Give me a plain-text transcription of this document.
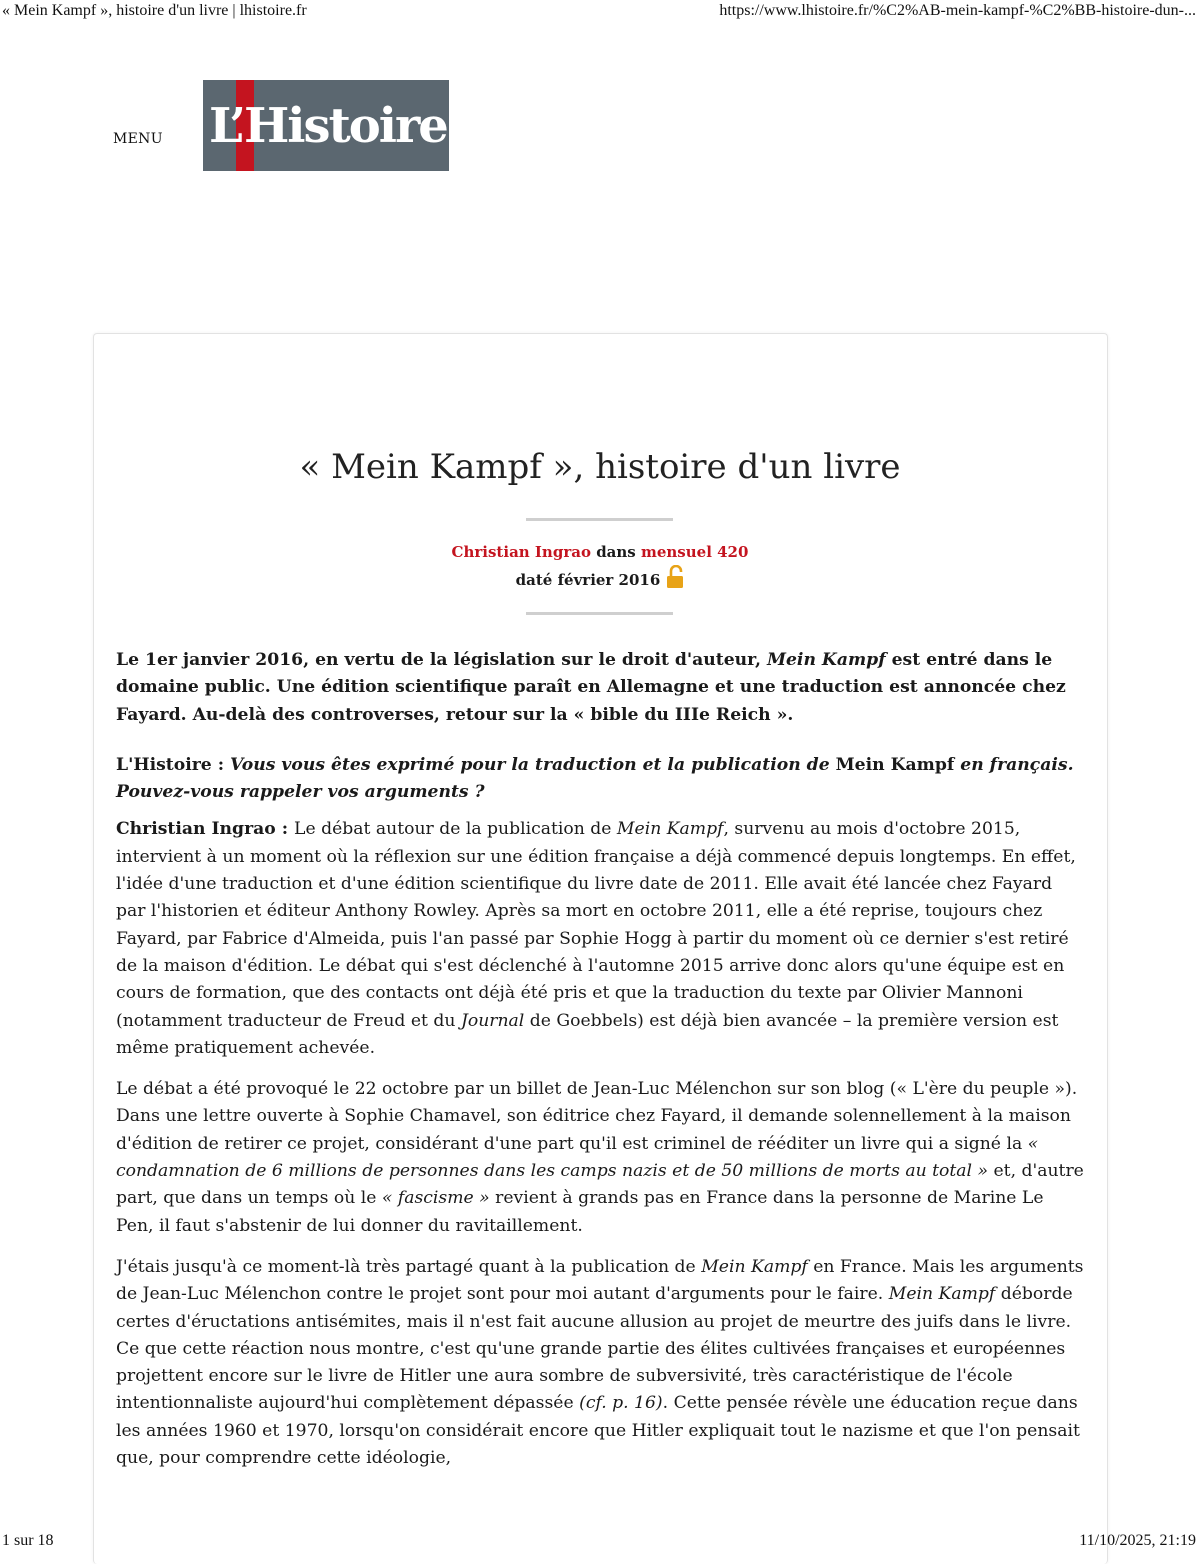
« Mein Kampf », histoire d'un livre | lhistoire.fr	https://www.lhistoire.fr/%C2%AB-mein-kampf-%C2%BB-histoire-dun-...
MENU L’Histoire
« Mein Kampf », histoire d'un livre
Christian Ingrao dans mensuel 420
daté février 2016

Le 1er janvier 2016, en vertu de la législation sur le droit d'auteur, Mein Kampf est entré dans le domaine public. Une édition scientifique paraît en Allemagne et une traduction est annoncée chez Fayard. Au-delà des controverses, retour sur la « bible du IIIe Reich ».

L'Histoire : Vous vous êtes exprimé pour la traduction et la publication de Mein Kampf en français. Pouvez-vous rappeler vos arguments ?

Christian Ingrao : Le débat autour de la publication de Mein Kampf, survenu au mois d'octobre 2015, intervient à un moment où la réflexion sur une édition française a déjà commencé depuis longtemps. En effet, l'idée d'une traduction et d'une édition scientifique du livre date de 2011. Elle avait été lancée chez Fayard par l'historien et éditeur Anthony Rowley. Après sa mort en octobre 2011, elle a été reprise, toujours chez Fayard, par Fabrice d'Almeida, puis l'an passé par Sophie Hogg à partir du moment où ce dernier s'est retiré de la maison d'édition. Le débat qui s'est déclenché à l'automne 2015 arrive donc alors qu'une équipe est en cours de formation, que des contacts ont déjà été pris et que la traduction du texte par Olivier Mannoni (notamment traducteur de Freud et du Journal de Goebbels) est déjà bien avancée – la première version est même pratiquement achevée.

Le débat a été provoqué le 22 octobre par un billet de Jean-Luc Mélenchon sur son blog (« L'ère du peuple »). Dans une lettre ouverte à Sophie Chamavel, son éditrice chez Fayard, il demande solennellement à la maison d'édition de retirer ce projet, considérant d'une part qu'il est criminel de rééditer un livre qui a signé la « condamnation de 6 millions de personnes dans les camps nazis et de 50 millions de morts au total » et, d'autre part, que dans un temps où le « fascisme » revient à grands pas en France dans la personne de Marine Le Pen, il faut s'abstenir de lui donner du ravitaillement.

J'étais jusqu'à ce moment-là très partagé quant à la publication de Mein Kampf en France. Mais les arguments de Jean-Luc Mélenchon contre le projet sont pour moi autant d'arguments pour le faire. Mein Kampf déborde certes d'éructations antisémites, mais il n'est fait aucune allusion au projet de meurtre des juifs dans le livre. Ce que cette réaction nous montre, c'est qu'une grande partie des élites cultivées françaises et européennes projettent encore sur le livre de Hitler une aura sombre de subversivité, très caractéristique de l'école intentionnaliste aujourd'hui complètement dépassée (cf. p. 16). Cette pensée révèle une éducation reçue dans les années 1960 et 1970, lorsqu'on considérait encore que Hitler expliquait tout le nazisme et que l'on pensait que, pour comprendre cette idéologie,

1 sur 18	11/10/2025, 21:19
